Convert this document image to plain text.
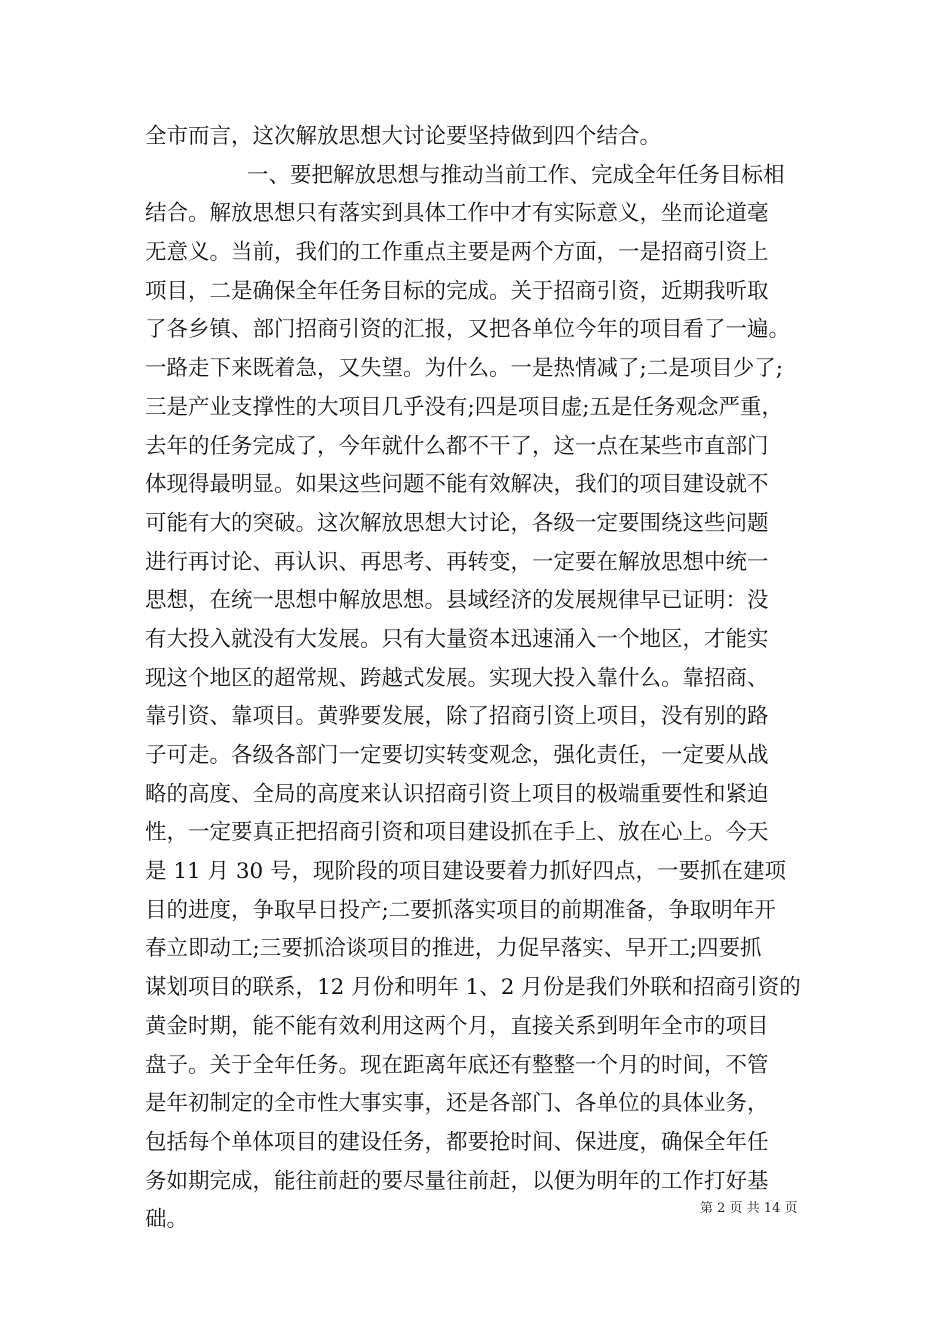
全市而言，这次解放思想大讨论要坚持做到四个结合。
一、要把解放思想与推动当前工作、完成全年任务目标相
结合。解放思想只有落实到具体工作中才有实际意义，坐而论道毫
无意义。当前，我们的工作重点主要是两个方面，一是招商引资上
项目，二是确保全年任务目标的完成。关于招商引资，近期我听取
了各乡镇、部门招商引资的汇报，又把各单位今年的项目看了一遍。
一路走下来既着急，又失望。为什么。一是热情减了;二是项目少了;
三是产业支撑性的大项目几乎没有;四是项目虚;五是任务观念严重，
去年的任务完成了，今年就什么都不干了，这一点在某些市直部门
体现得最明显。如果这些问题不能有效解决，我们的项目建设就不
可能有大的突破。这次解放思想大讨论，各级一定要围绕这些问题
进行再讨论、再认识、再思考、再转变，一定要在解放思想中统一
思想，在统一思想中解放思想。县域经济的发展规律早已证明：没
有大投入就没有大发展。只有大量资本迅速涌入一个地区，才能实
现这个地区的超常规、跨越式发展。实现大投入靠什么。靠招商、
靠引资、靠项目。黄骅要发展，除了招商引资上项目，没有别的路
子可走。各级各部门一定要切实转变观念，强化责任，一定要从战
略的高度、全局的高度来认识招商引资上项目的极端重要性和紧迫
性，一定要真正把招商引资和项目建设抓在手上、放在心上。今天
是 11 月 30 号，现阶段的项目建设要着力抓好四点，一要抓在建项
目的进度，争取早日投产;二要抓落实项目的前期准备，争取明年开
春立即动工;三要抓洽谈项目的推进，力促早落实、早开工;四要抓
谋划项目的联系，12 月份和明年 1、2 月份是我们外联和招商引资的
黄金时期，能不能有效利用这两个月，直接关系到明年全市的项目
盘子。关于全年任务。现在距离年底还有整整一个月的时间，不管
是年初制定的全市性大事实事，还是各部门、各单位的具体业务，
包括每个单体项目的建设任务，都要抢时间、保进度，确保全年任
务如期完成，能往前赶的要尽量往前赶，以便为明年的工作打好基
础。	第 2 页 共 14 页
